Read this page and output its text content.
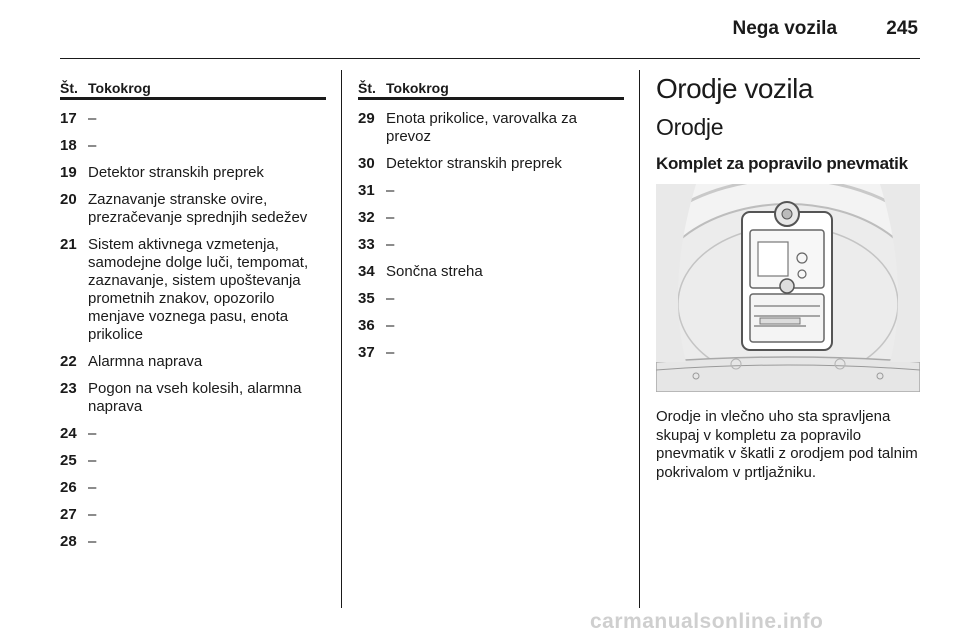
Nega vozila	245
Št. Tokokrog
17 –
18 –
19 Detektor stranskih preprek
20 Zaznavanje stranske ovire, prezračevanje sprednjih sedežev
21 Sistem aktivnega vzmetenja, samodejne dolge luči, tempomat, zaznavanje, sistem upoštevanja prometnih znakov, opozorilo menjave voznega pasu, enota prikolice
22 Alarmna naprava
23 Pogon na vseh kolesih, alarmna naprava
24 –
25 –
26 –
27 –
28 –
Št. Tokokrog
29 Enota prikolice, varovalka za prevoz
30 Detektor stranskih preprek
31 –
32 –
33 –
34 Sončna streha
35 –
36 –
37 –
Orodje vozila
Orodje
Komplet za popravilo pnevmatik

Orodje in vlečno uho sta spravljena skupaj v kompletu za popravilo pnevmatik v škatli z orodjem pod talnim pokrivalom v prtljažniku.

carmanualsonline.info
